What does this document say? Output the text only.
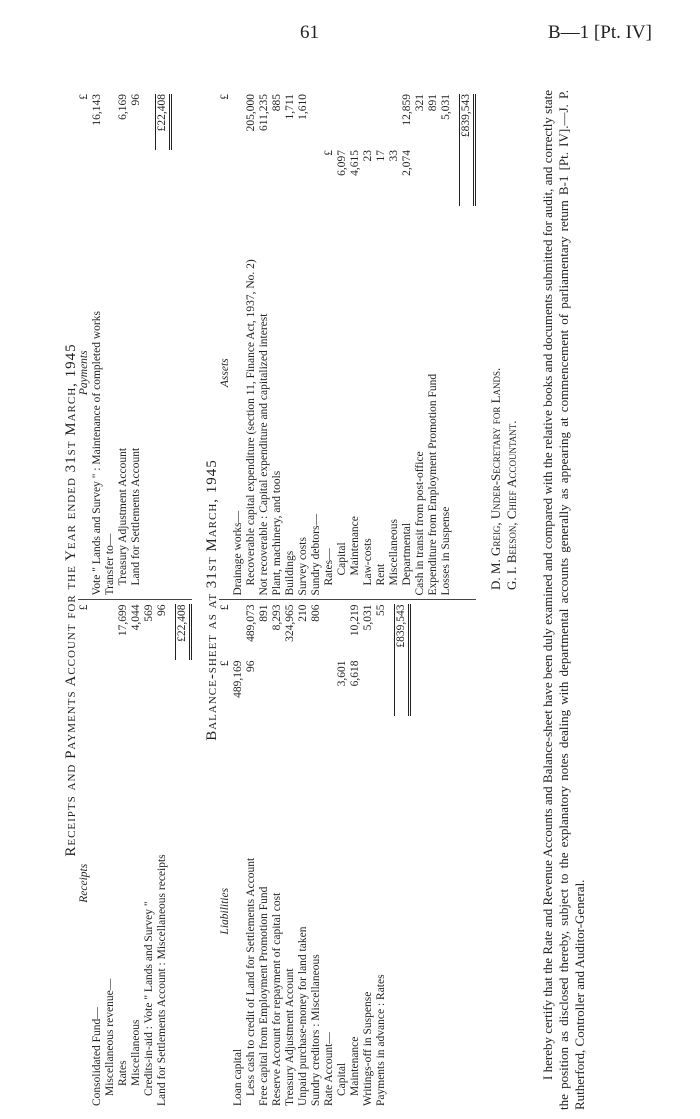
61	B—1 [Pt. IV]
Receipts and Payments Account for the Year ended 31st March, 1945
Receipts
£
Consolidated Fund— Miscellaneous revenue— Rates
17,699
Miscellaneous
4,044
Credits-in-aid : Vote " Lands and Survey "
569
Land for Settlements Account : Miscellaneous receipts
96 £22,408
Payments
£
Vote " Lands and Survey " : Maintenance of completed works
16,143
Transfer to— Treasury Adjustment Account
6,169
Land for Settlements Account
96 £22,408
Balance-sheet as at 31st March, 1945
Liabilities
£
£
Loan capital
489,169
Less cash to credit of Land for Settlements Account
96
489,073
Free capital from Employment Promotion Fund
891
Reserve Account for repayment of capital cost
8,293
Treasury Adjustment Account
324,965
Unpaid purchase-money for land taken
210
Sundry creditors : Miscellaneous
806
Rate Account— Capital
3,601
Maintenance
6,618
10,219
Writings-off in Suspense
5,031
Payments in advance : Rates
55 £839,543
Assets
£
Drainage works— Recoverable capital expenditure (section 11, Finance Act, 1937, No. 2)
205,000
Not recoverable : Capital expenditure and capitalized interest
611,235
Plant, machinery, and tools
885
Buildings
1,711
Survey costs
1,610
Sundry debtors— Rates—
£
Capital
6,097
Maintenance
4,615
Law-costs
23
Rent
17
Miscellaneous
33
Departmental
2,074
12,859
Cash in transit from post-office
321
Expenditure from Employment Promotion Fund
891
Losses in Suspense
5,031 £839,543
D. M. Greig, Under-Secretary for Lands. G. I. Beeson, Chief Accountant. I hereby certify that the Rate and Revenue Accounts and Balance-sheet have been duly examined and compared with the relative books and documents submitted for audit, and correctly state the position as disclosed thereby, subject to the explanatory notes dealing with departmental accounts generally as appearing at commencement of parliamentary return B-1 [Pt. IV].—J. P. Rutherford, Controller and Auditor-General.
